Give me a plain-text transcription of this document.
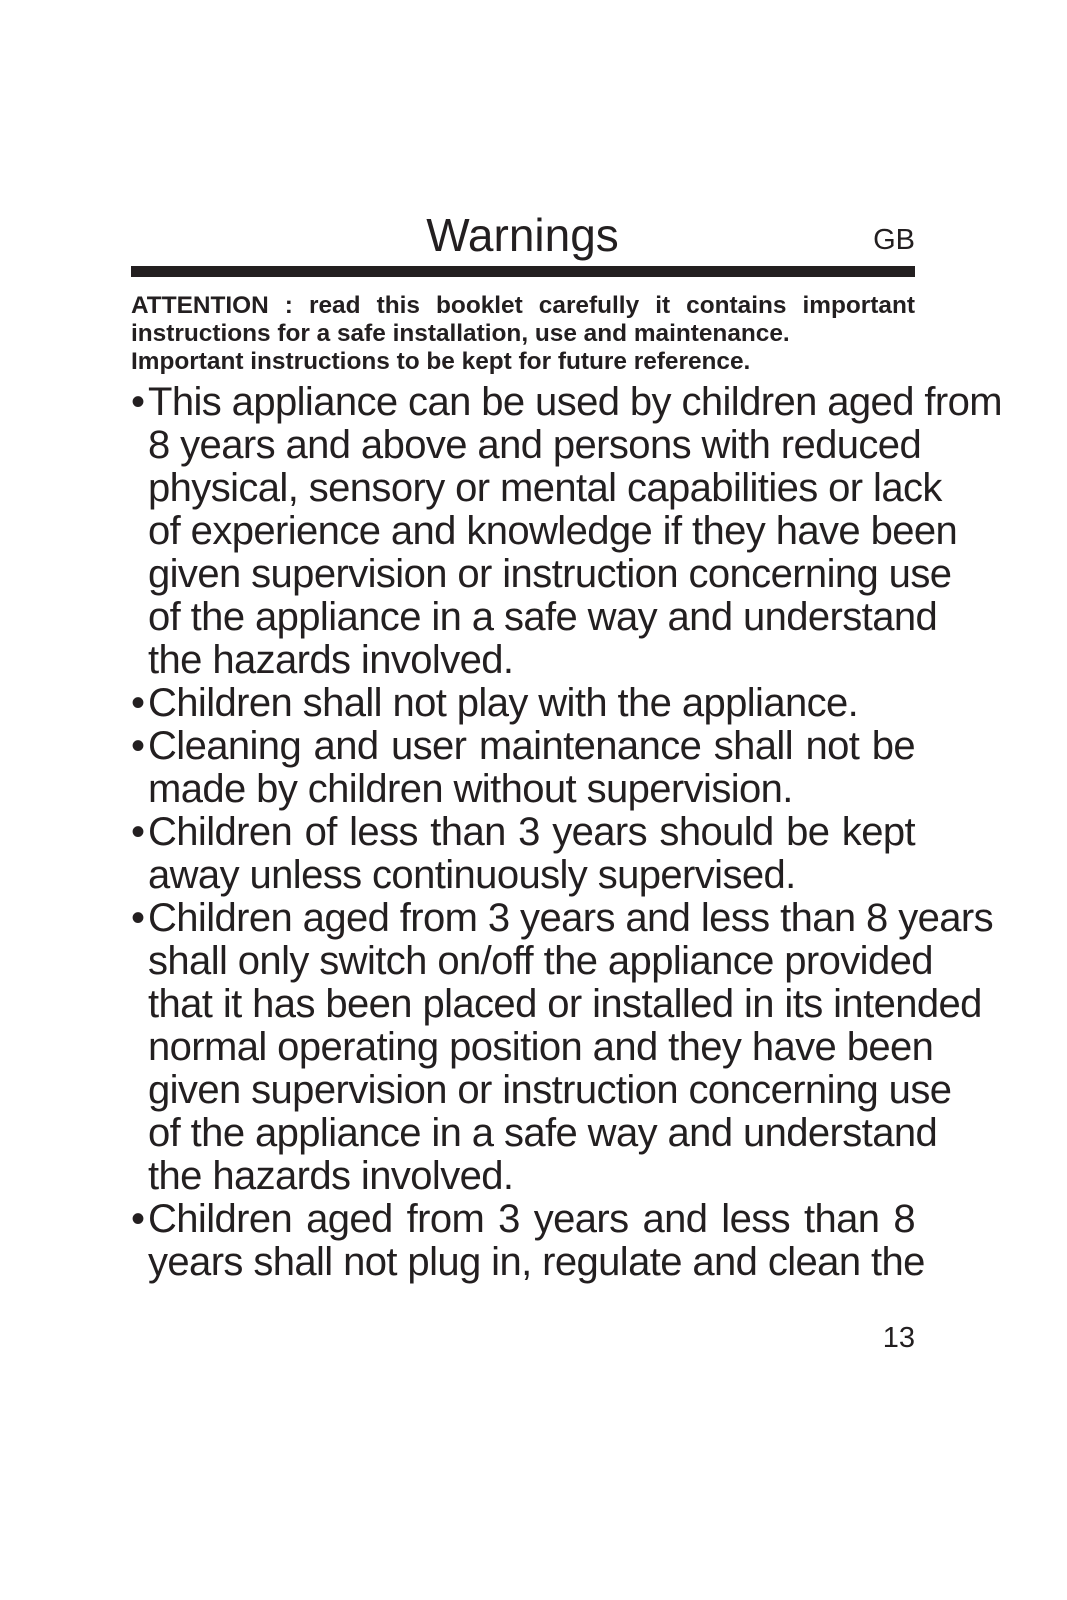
Warnings	GB
ATTENTION : read this booklet carefully it contains important
instructions for a safe installation, use and maintenance.
Important instructions to be kept for future reference.
• This appliance can be used by children aged from
8 years and above and persons with reduced
physical, sensory or mental capabilities or lack
of experience and knowledge if they have been
given supervision or instruction concerning use
of the appliance in a safe way and understand
the hazards involved.
• Children shall not play with the appliance.
• Cleaning and user maintenance shall not be
made by children without supervision.
• Children of less than 3 years should be kept
away unless continuously supervised.
• Children aged from 3 years and less than 8 years
shall only switch on/off the appliance provided
that it has been placed or installed in its intended
normal operating position and they have been
given supervision or instruction concerning use
of the appliance in a safe way and understand
the hazards involved.
• Children aged from 3 years and less than 8
years shall not plug in, regulate and clean the
13
